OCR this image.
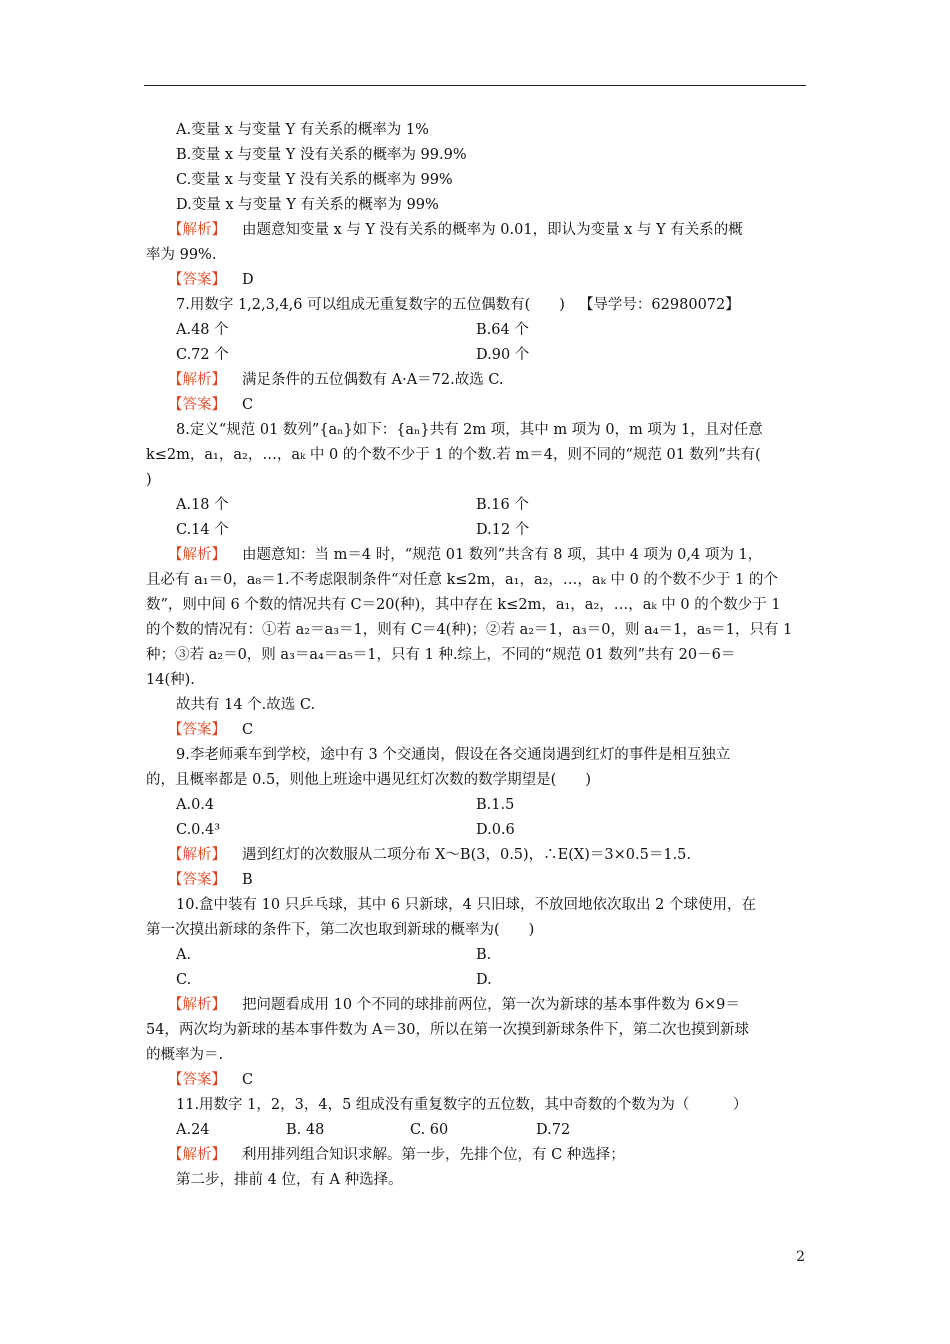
A.变量 x 与变量 Y 有关系的概率为 1%
B.变量 x 与变量 Y 没有关系的概率为 99.9%
C.变量 x 与变量 Y 没有关系的概率为 99%
D.变量 x 与变量 Y 有关系的概率为 99%
【解析】 由题意知变量 x 与 Y 没有关系的概率为 0.01，即认为变量 x 与 Y 有关系的概
率为 99%.
【答案】 D
7.用数字 1,2,3,4,6 可以组成无重复数字的五位偶数有(　　) 【导学号：62980072】
A.48 个	B.64 个
C.72 个	D.90 个
【解析】 满足条件的五位偶数有 A·A＝72.故选 C.
【答案】 C
8.定义“规范 01 数列”{aₙ}如下：{aₙ}共有 2m 项，其中 m 项为 0，m 项为 1，且对任意
k≤2m，a₁，a₂，…，aₖ 中 0 的个数不少于 1 的个数.若 m＝4，则不同的“规范 01 数列”共有(
)
A.18 个	B.16 个
C.14 个	D.12 个
【解析】 由题意知：当 m＝4 时，“规范 01 数列”共含有 8 项，其中 4 项为 0,4 项为 1，
且必有 a₁＝0，a₈＝1.不考虑限制条件“对任意 k≤2m，a₁，a₂，…，aₖ 中 0 的个数不少于 1 的个
数”，则中间 6 个数的情况共有 C＝20(种)，其中存在 k≤2m，a₁，a₂，…，aₖ 中 0 的个数少于 1
的个数的情况有：①若 a₂＝a₃＝1，则有 C＝4(种)；②若 a₂＝1，a₃＝0，则 a₄＝1，a₅＝1，只有 1
种；③若 a₂＝0，则 a₃＝a₄＝a₅＝1，只有 1 种.综上，不同的“规范 01 数列”共有 20－6＝
14(种).
故共有 14 个.故选 C.
【答案】 C
9.李老师乘车到学校，途中有 3 个交通岗，假设在各交通岗遇到红灯的事件是相互独立
的，且概率都是 0.5，则他上班途中遇见红灯次数的数学期望是(　　)
A.0.4	B.1.5
C.0.4³	D.0.6
【解析】 遇到红灯的次数服从二项分布 X～B(3，0.5)，∴E(X)＝3×0.5＝1.5.
【答案】 B
10.盒中装有 10 只乒乓球，其中 6 只新球，4 只旧球，不放回地依次取出 2 个球使用，在
第一次摸出新球的条件下，第二次也取到新球的概率为(　　)
A.	B.
C.	D.
【解析】 把问题看成用 10 个不同的球排前两位，第一次为新球的基本事件数为 6×9＝
54，两次均为新球的基本事件数为 A＝30，所以在第一次摸到新球条件下，第二次也摸到新球
的概率为＝.
【答案】 C
11.用数字 1，2，3，4，5 组成没有重复数字的五位数，其中奇数的个数为为（　　　）
A.24	B. 48	C. 60	D.72
【解析】 利用排列组合知识求解。第一步，先排个位，有 C 种选择；
第二步，排前 4 位，有 A 种选择。
2
